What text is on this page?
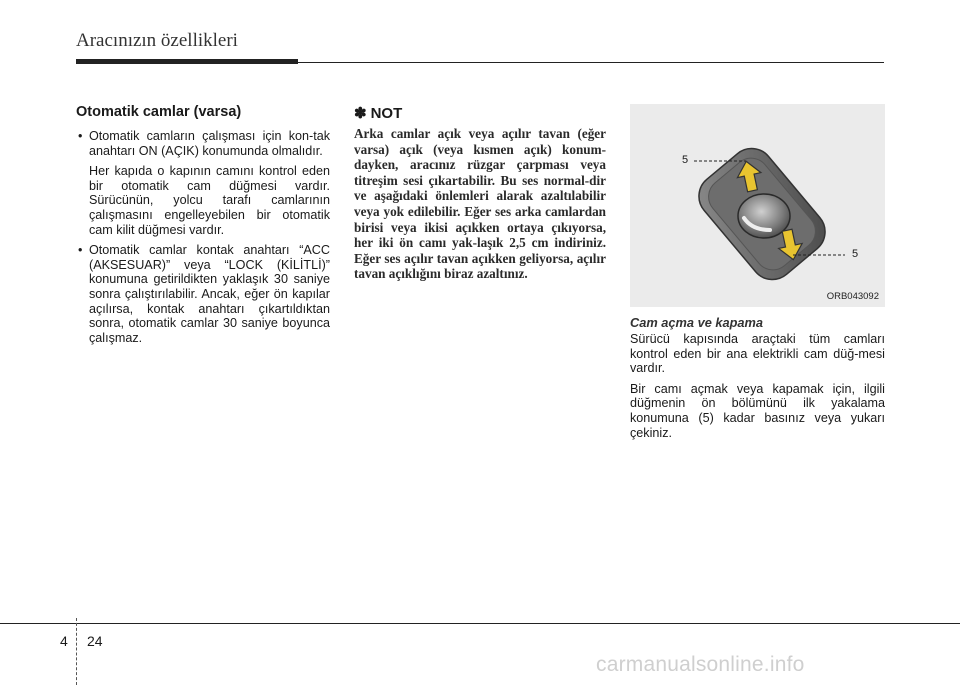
Aracınızın özellikleri
Otomatik camlar (varsa)

• Otomatik camların çalışması için kon-tak anahtarı ON (AÇIK) konumunda olmalıdır.

Her kapıda o kapının camını kontrol eden bir otomatik cam düğmesi vardır. Sürücünün, yolcu tarafı camlarının çalışmasını engelleyebilen bir otomatik cam kilit düğmesi vardır.

• Otomatik camlar kontak anahtarı “ACC (AKSESUAR)” veya “LOCK (KİLİTLİ)” konumuna getirildikten yaklaşık 30 saniye sonra çalıştırılabilir. Ancak, eğer ön kapılar açılırsa, kontak anahtarı çıkartıldıktan sonra, otomatik camlar 30 saniye boyunca çalışmaz.

✽ NOT

Arka camlar açık veya açılır tavan (eğer varsa) açık (veya kısmen açık) konum-dayken, aracınız rüzgar çarpması veya titreşim sesi çıkartabilir. Bu ses normal-dir ve aşağıdaki önlemleri alarak azaltılabilir veya yok edilebilir. Eğer ses arka camlardan birisi veya ikisi açıkken ortaya çıkıyorsa, her iki ön camı yak-laşık 2,5 cm indiriniz. Eğer ses açılır tavan açıkken geliyorsa, açılır tavan açıklığını biraz azaltınız.

5
5
ORB043092
Cam açma ve kapama

Sürücü kapısında araçtaki tüm camları kontrol eden bir ana elektrikli cam düğ-mesi vardır.

Bir camı açmak veya kapamak için, ilgili düğmenin ön bölümünü ilk yakalama konumuna (5) kadar basınız veya yukarı çekiniz.

4 24
carmanualsonline.info
